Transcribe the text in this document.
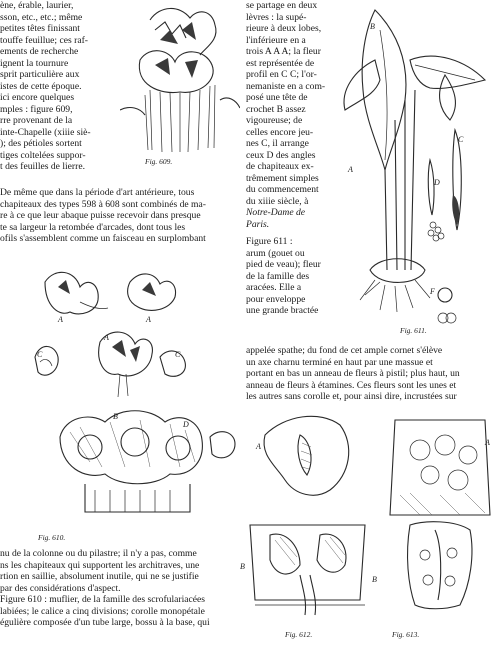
ène, érable, laurier,
sson, etc., etc.; même
petites têtes finissant
touffe feuillue; ces raf-
ements de recherche
ignent la tournure
sprit particulière aux
istes de cette époque.
ici encore quelques
mples : figure 609,
rre provenant de la
inte-Chapelle (xiiie siè-
); des pétioles sortent
tiges coltelées suppor-
t des feuilles de lierre.	Fig. 609.
De même que dans la période d'art antérieure, tous
chapiteaux des types 598 à 608 sont combinés de ma-
re à ce que leur abaque puisse recevoir dans presque
te sa largeur la retombée d'arcades, dont tous les
ofils s'assemblent comme un faisceau en surplombant
A	A
A
C	C
B
D
Fig. 610.
se partage en deux
lèvres : la supé-
rieure à deux lobes,
l'inférieure en a
trois A A A; la fleur
est représentée de
profil en C C; l'or-
nemaniste en a com-
posé une tête de
crochet B assez
vigoureuse; de
celles encore jeu-
nes C, il arrange
ceux D des angles
de chapiteaux ex-
trêmement simples
du commencement
du xiiie siècle, à
Notre-Dame de
Paris.
Figure 611 :
arum (gouet ou
pied de veau); fleur
de la famille des
aracées. Elle a
pour enveloppe
une grande bractée
B
A
C
D
F
Fig. 611.
appelée spathe; du fond de cet ample cornet s'élève
un axe charnu terminé en haut par une massue et
portant en bas un anneau de fleurs à pistil; plus haut, un
anneau de fleurs à étamines. Ces fleurs sont les unes et
les autres sans corolle et, pour ainsi dire, incrustées sur
A
B
Fig. 612.
A
B
Fig. 613.
nu de la colonne ou du pilastre; il n'y a pas, comme
ns les chapiteaux qui supportent les architraves, une
rtion en saillie, absolument inutile, qui ne se justifie
par des considérations d'aspect.
Figure 610 : muflier, de la famille des scrofulariacées
labiées; le calice a cinq divisions; corolle monopétale
égulière composée d'un tube large, bossu à la base, qui
